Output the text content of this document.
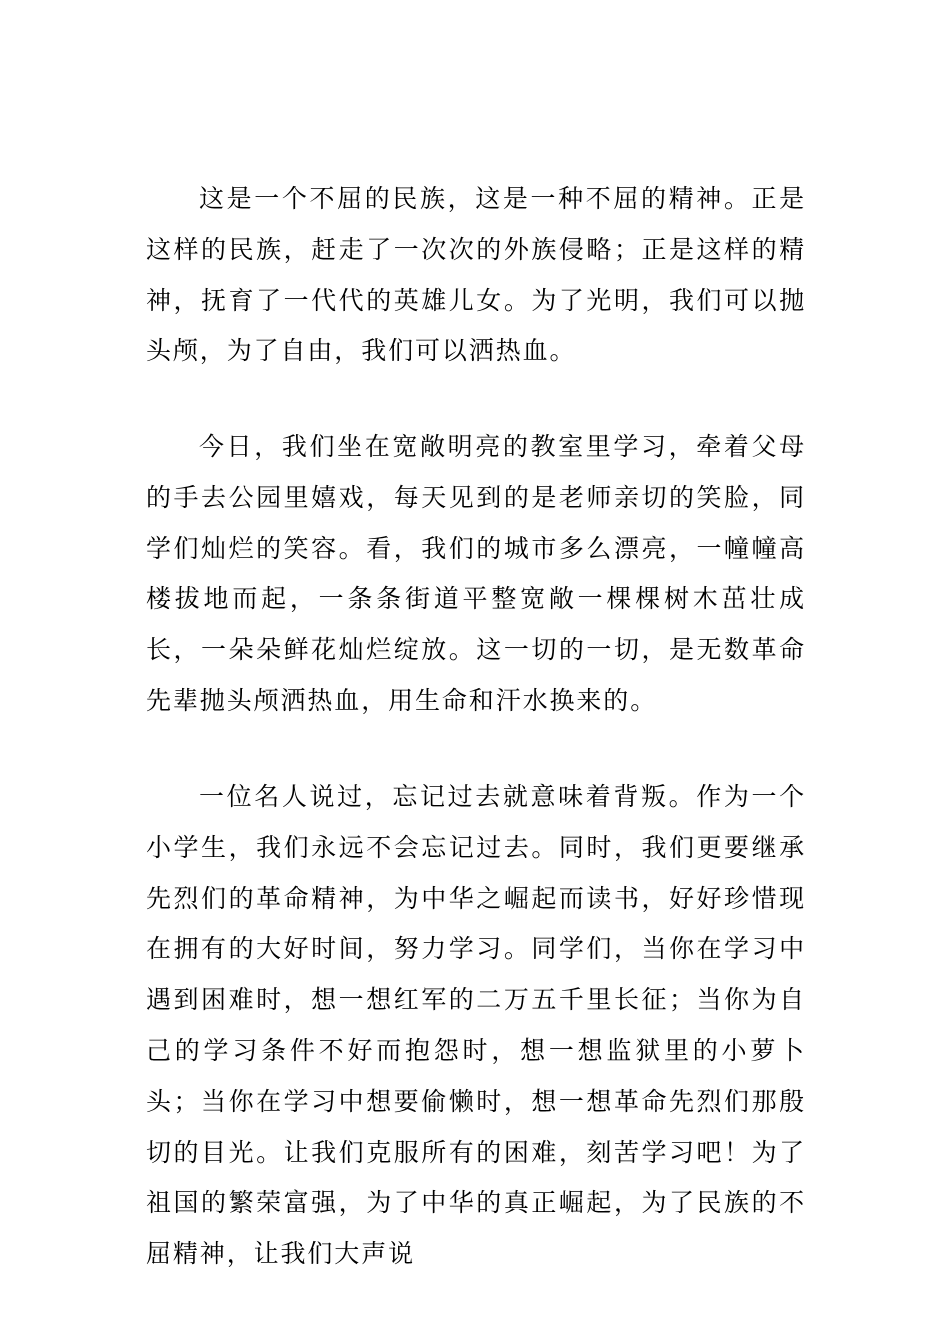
这是一个不屈的民族，这是一种不屈的精神。正是这样的民族，赶走了一次次的外族侵略；正是这样的精神，抚育了一代代的英雄儿女。为了光明，我们可以抛头颅，为了自由，我们可以洒热血。

今日，我们坐在宽敞明亮的教室里学习，牵着父母的手去公园里嬉戏，每天见到的是老师亲切的笑脸，同学们灿烂的笑容。看，我们的城市多么漂亮，一幢幢高楼拔地而起，一条条街道平整宽敞一棵棵树木茁壮成长，一朵朵鲜花灿烂绽放。这一切的一切，是无数革命先辈抛头颅洒热血，用生命和汗水换来的。

一位名人说过，忘记过去就意味着背叛。作为一个小学生，我们永远不会忘记过去。同时，我们更要继承先烈们的革命精神，为中华之崛起而读书，好好珍惜现在拥有的大好时间，努力学习。同学们，当你在学习中遇到困难时，想一想红军的二万五千里长征；当你为自己的学习条件不好而抱怨时，想一想监狱里的小萝卜头；当你在学习中想要偷懒时，想一想革命先烈们那殷切的目光。让我们克服所有的困难，刻苦学习吧！为了祖国的繁荣富强，为了中华的真正崛起，为了民族的不屈精神，让我们大声说
